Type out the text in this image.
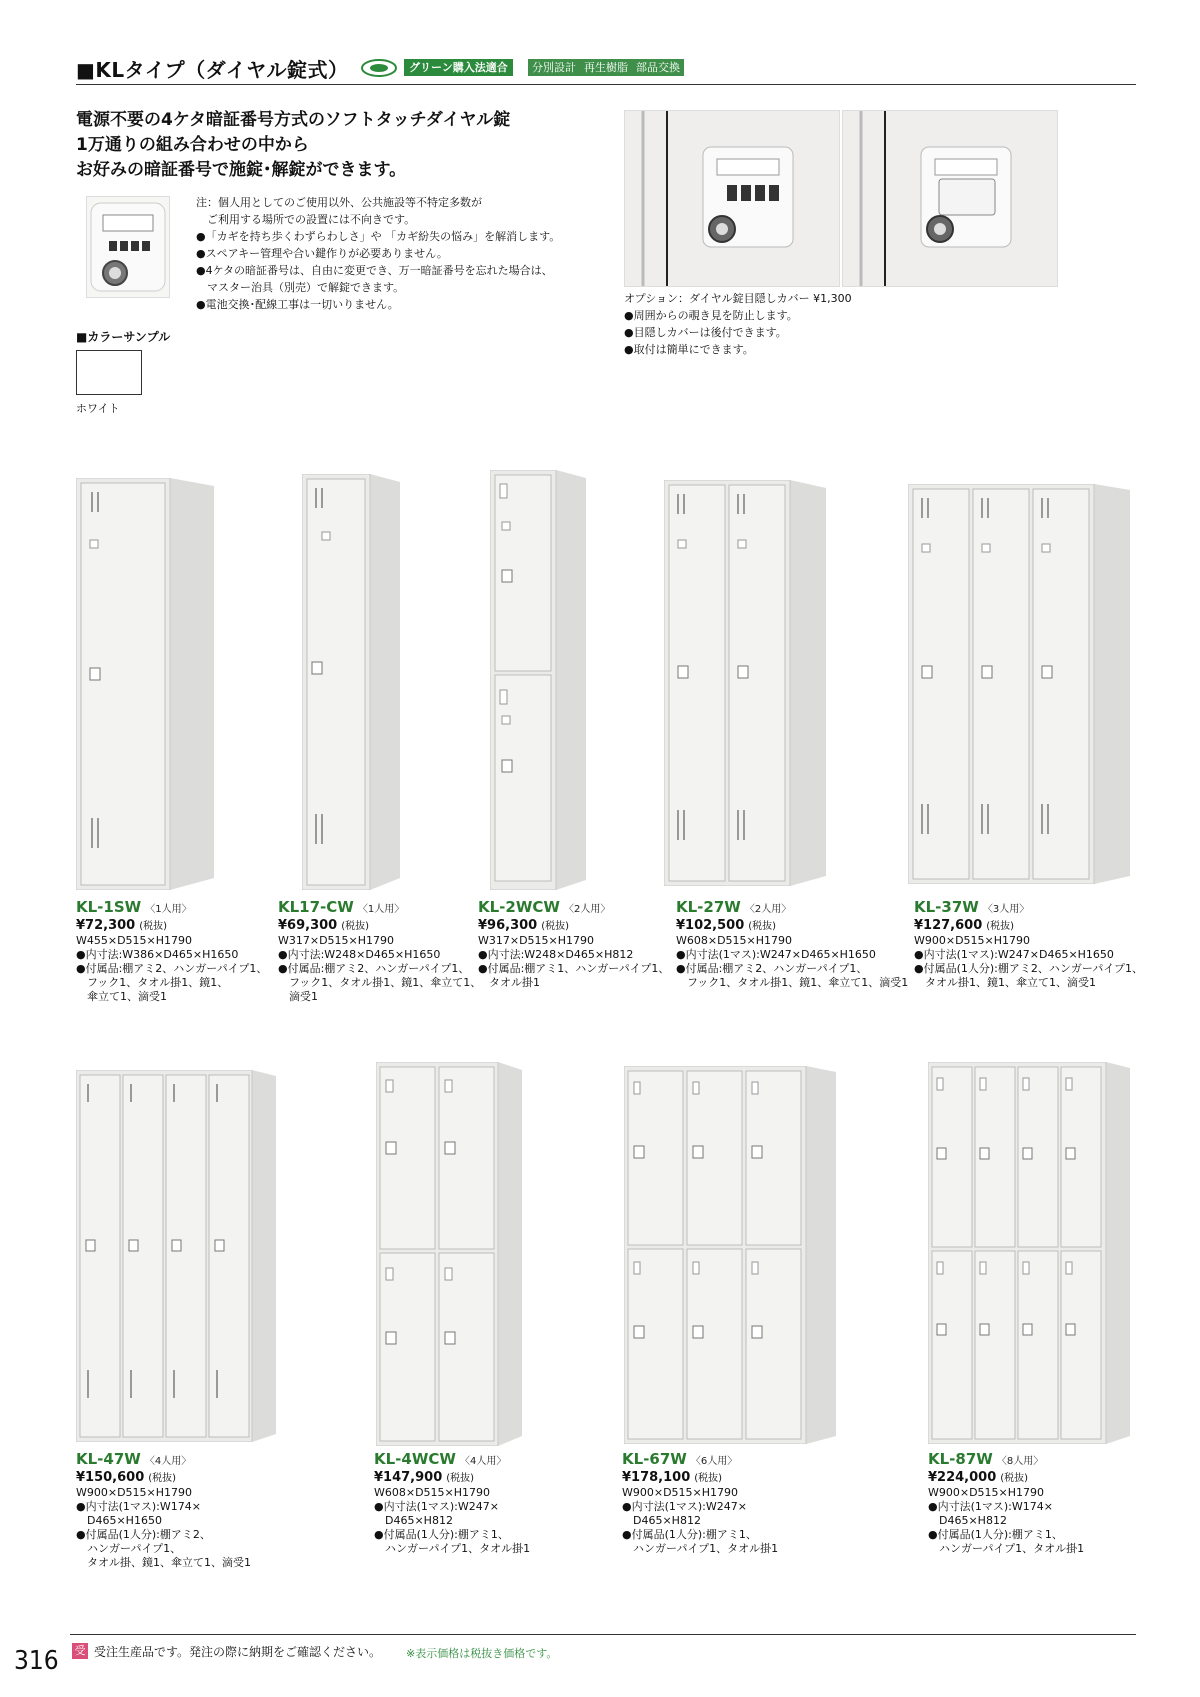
■KLタイプ（ダイヤル錠式）	グリーン購入法適合	分別設計 再生樹脂 部品交換
電源不要の4ケタ暗証番号方式のソフトタッチダイヤル錠
1万通りの組み合わせの中から
お好みの暗証番号で施錠･解錠ができます。
注：個人用としてのご使用以外、公共施設等不特定多数が
　ご利用する場所での設置には不向きです。
●「カギを持ち歩くわずらわしさ」や 「カギ紛失の悩み」を解消します。
●スペアキー管理や合い鍵作りが必要ありません。
●4ケタの暗証番号は、自由に変更でき、万一暗証番号を忘れた場合は、
　マスター治具（別売）で解錠できます。
●電池交換･配線工事は一切いりません。	オプション：ダイヤル錠目隠しカバー ¥1,300
●周囲からの覗き見を防止します。
●目隠しカバーは後付できます。
●取付は簡単にできます。
■カラーサンプル
ホワイト
KL-1SW 〈1人用〉
¥72,300 (税抜)
W455×D515×H1790
●内寸法:W386×D465×H1650
●付属品:棚アミ2、ハンガーパイプ1、
　フック1、タオル掛1、鏡1、
　傘立て1、滴受1
KL17-CW 〈1人用〉
¥69,300 (税抜)
W317×D515×H1790
●内寸法:W248×D465×H1650
●付属品:棚アミ2、ハンガーパイプ1、
　フック1、タオル掛1、鏡1、傘立て1、
　滴受1
KL-2WCW 〈2人用〉
¥96,300 (税抜)
W317×D515×H1790
●内寸法:W248×D465×H812
●付属品:棚アミ1、ハンガーパイプ1、
　タオル掛1
KL-27W 〈2人用〉
¥102,500 (税抜)
W608×D515×H1790
●内寸法(1マス):W247×D465×H1650
●付属品:棚アミ2、ハンガーパイプ1、
　フック1、タオル掛1、鏡1、傘立て1、滴受1
KL-37W 〈3人用〉
¥127,600 (税抜)
W900×D515×H1790
●内寸法(1マス):W247×D465×H1650
●付属品(1人分):棚アミ2、ハンガーパイプ1、
　タオル掛1、鏡1、傘立て1、滴受1
KL-47W 〈4人用〉
¥150,600 (税抜)
W900×D515×H1790
●内寸法(1マス):W174×
　D465×H1650
●付属品(1人分):棚アミ2、
　ハンガーパイプ1、
　タオル掛、鏡1、傘立て1、滴受1
KL-4WCW 〈4人用〉
¥147,900 (税抜)
W608×D515×H1790
●内寸法(1マス):W247×
　D465×H812
●付属品(1人分):棚アミ1、
　ハンガーパイプ1、タオル掛1
KL-67W 〈6人用〉
¥178,100 (税抜)
W900×D515×H1790
●内寸法(1マス):W247×
　D465×H812
●付属品(1人分):棚アミ1、
　ハンガーパイプ1、タオル掛1
KL-87W 〈8人用〉
¥224,000 (税抜)
W900×D515×H1790
●内寸法(1マス):W174×
　D465×H812
●付属品(1人分):棚アミ1、
　ハンガーパイプ1、タオル掛1
316 受 受注生産品です。発注の際に納期をご確認ください。 ※表示価格は税抜き価格です。
